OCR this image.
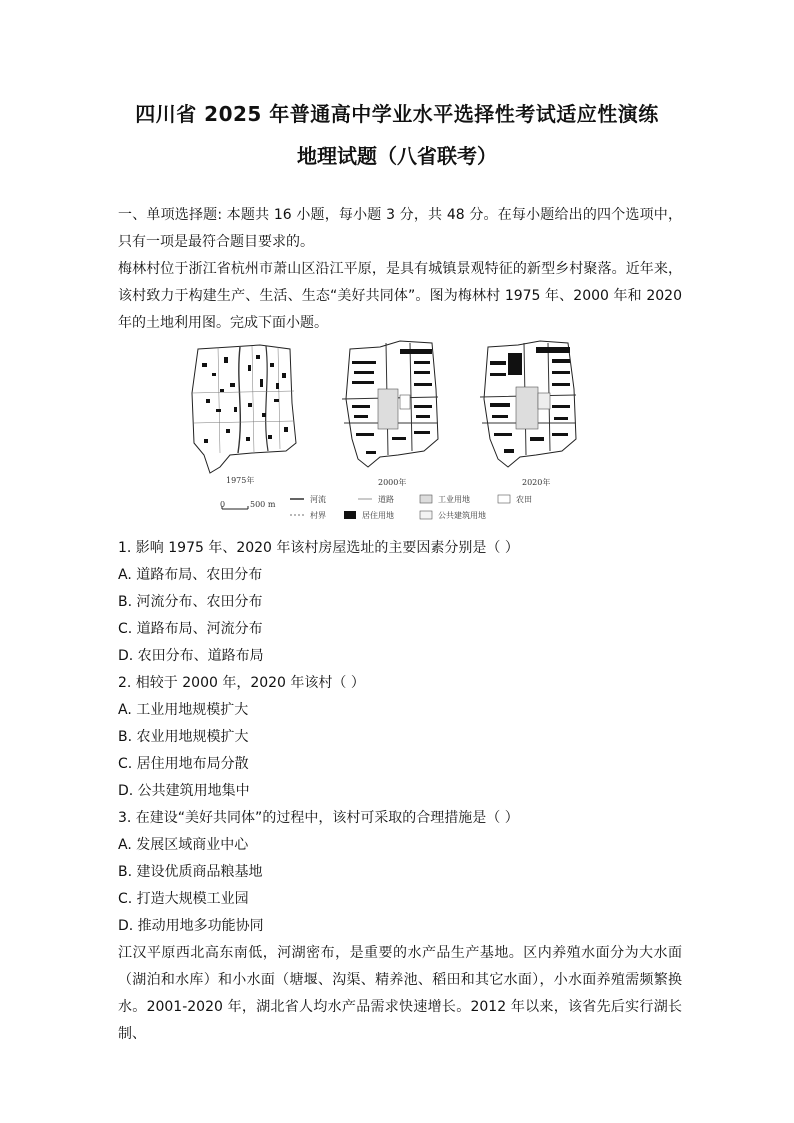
四川省 2025 年普通高中学业水平选择性考试适应性演练
地理试题（八省联考）

一、单项选择题: 本题共 16 小题，每小题 3 分，共 48 分。在每小题给出的四个选项中，只有一项是最符合题目要求的。

梅林村位于浙江省杭州市萧山区沿江平原，是具有城镇景观特征的新型乡村聚落。近年来，该村致力于构建生产、生活、生态“美好共同体”。图为梅林村 1975 年、2000 年和 2020 年的土地利用图。完成下面小题。

1975年	2000年	2020年
0	500 m
河流	道路	工业用地	农田
村界	居住用地	公共建筑用地

1. 影响 1975 年、2020 年该村房屋选址的主要因素分别是（ ）

A. 道路布局、农田分布

B. 河流分布、农田分布

C. 道路布局、河流分布

D. 农田分布、道路布局

2. 相较于 2000 年，2020 年该村（ ）

A. 工业用地规模扩大

B. 农业用地规模扩大

C. 居住用地布局分散

D. 公共建筑用地集中

3. 在建设“美好共同体”的过程中，该村可采取的合理措施是（ ）

A. 发展区域商业中心

B. 建设优质商品粮基地

C. 打造大规模工业园

D. 推动用地多功能协同

江汉平原西北高东南低，河湖密布，是重要的水产品生产基地。区内养殖水面分为大水面（湖泊和水库）和小水面（塘堰、沟渠、精养池、稻田和其它水面），小水面养殖需频繁换水。2001-2020 年，湖北省人均水产品需求快速增长。2012 年以来，该省先后实行湖长制、
